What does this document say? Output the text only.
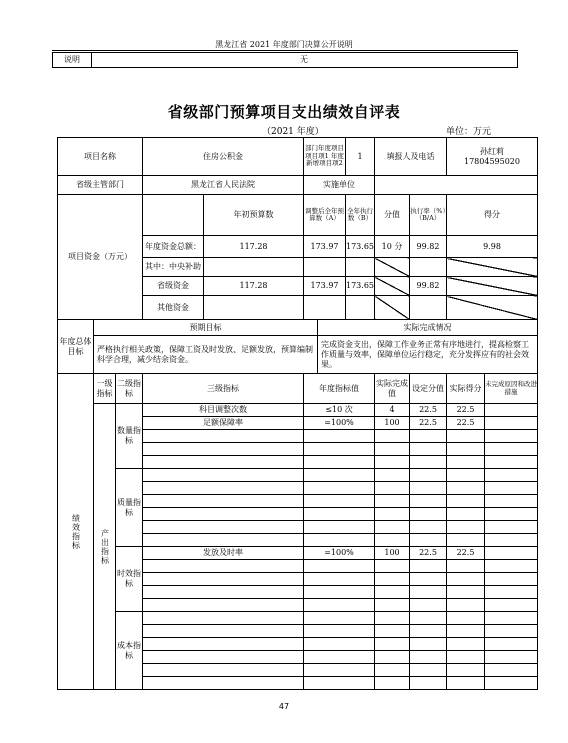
黑龙江省 2021 年度部门决算公开说明
说明	无
省级部门预算项目支出绩效自评表
（2021 年度）	单位：万元
项目名称			住房公积金		部门年度项目项目项1 年度新增项目项2		1	填报人及电话		孙红莉
17804595020	

省级主管部门			黑龙江省人民法院		实施单位						
项目资金（万元）				年初预算数	调整后全年预算数（A）		全年执行数（B）	分值	执行率（%）（B/A）	得分	
			年度资金总额：	117.28	173.97		173.65	10 分	99.82	9.98	
			其中：中央补助								
			省级资金	117.28	173.97		173.65		99.82		
			其他资金								
年度总体目标	预期目标					实际完成情况					
	严格执行相关政策，保障工资及时发放、足额发放，预算编制科学合理，减少结余资金。					完成资金支出，保障工作业务正常有序地进行，提高检察工作质量与效率，保障单位运行稳定，充分发挥应有的社会效果。					

绩效指标	一级指标	二级指标	三级指标		年度指标值			实际完成值	设定分值	实际得分	未完成原因和改进措施

	产出指标	数量指标	科目调整次数		≤10 次			4	22.5	22.5	
			足额保障率		=100%			100	22.5	22.5	

		质量指标									

		时效指标	发放及时率		=100%			100	22.5	22.5	

		成本指标									

47
